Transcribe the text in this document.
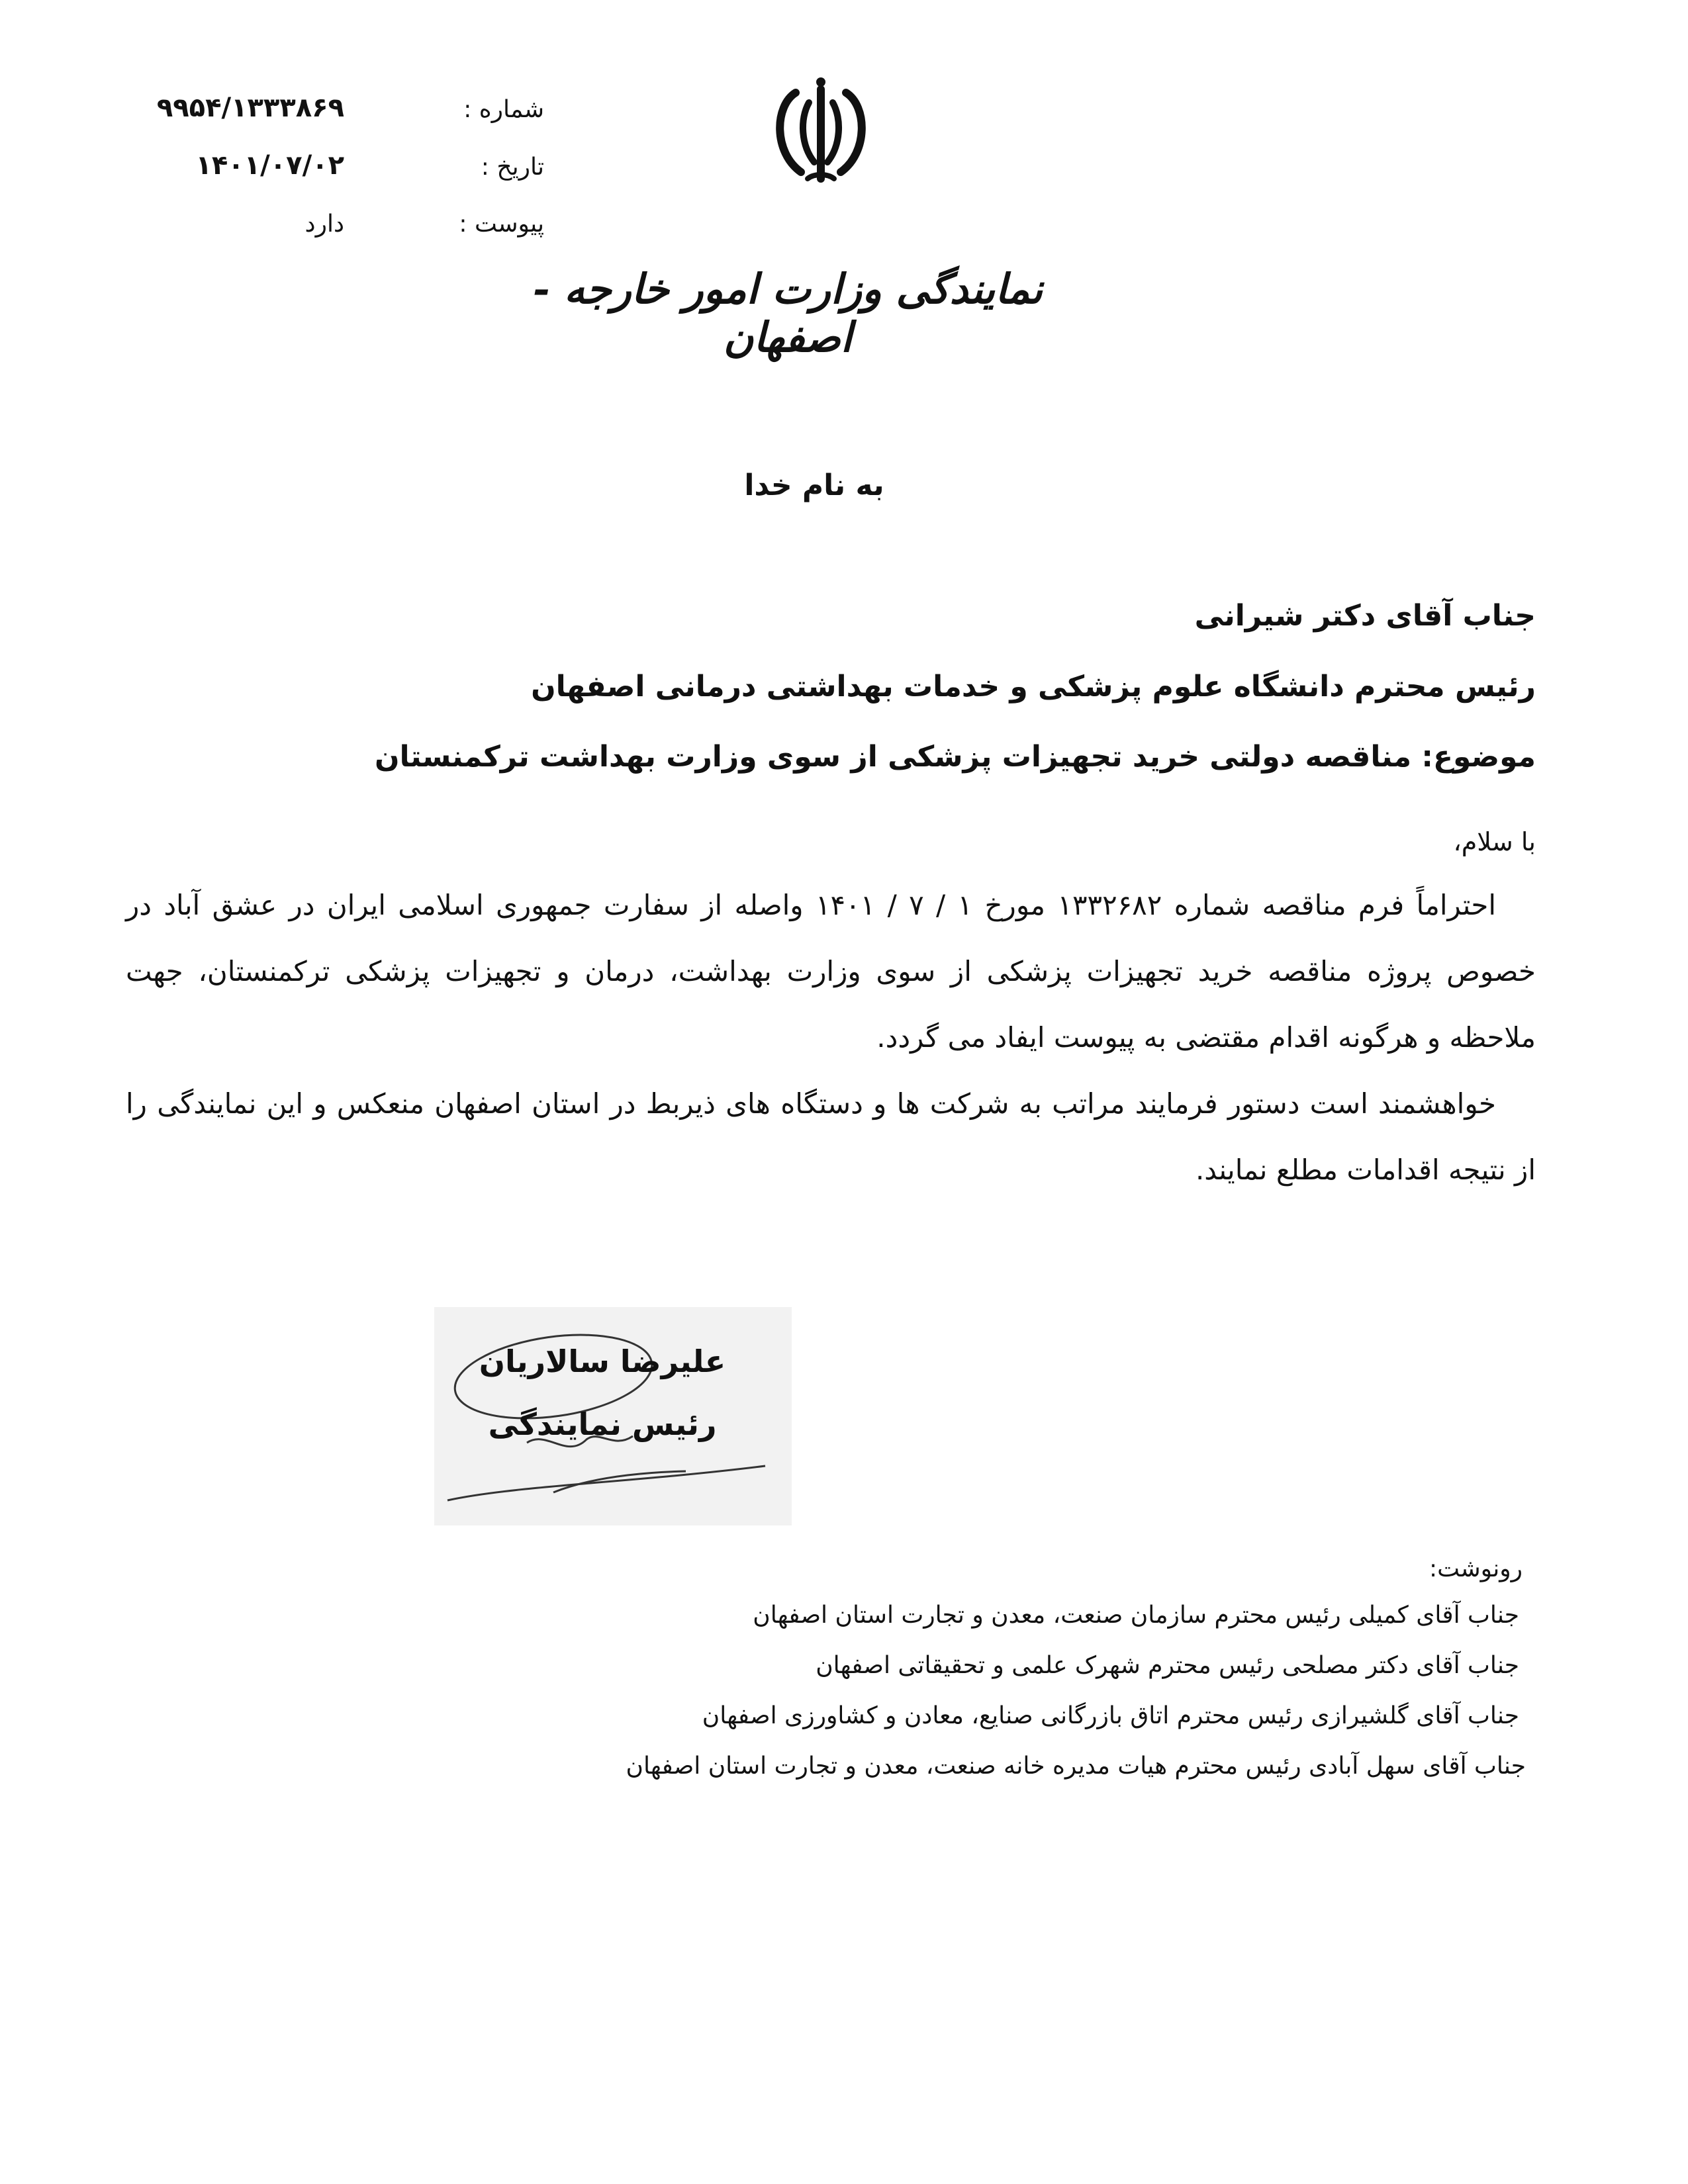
شماره :
۹۹۵۴/۱۳۳۳۸۶۹
تاریخ :
۱۴۰۱/۰۷/۰۲
پیوست :
دارد
نمایندگی وزارت امور خارجه - اصفهان
به نام خدا
جناب آقای دکتر شیرانی
رئیس محترم دانشگاه علوم پزشکی و خدمات بهداشتی درمانی اصفهان
موضوع: مناقصه دولتی خرید تجهیزات پزشکی از سوی وزارت بهداشت ترکمنستان
با سلام،

احتراماً فرم مناقصه شماره ۱۳۳۲۶۸۲ مورخ ۱ / ۷ / ۱۴۰۱ واصله از سفارت جمهوری اسلامی ایران در عشق آباد در خصوص پروژه مناقصه خرید تجهیزات پزشکی از سوی وزارت بهداشت، درمان و تجهیزات پزشکی ترکمنستان، جهت ملاحظه و هرگونه اقدام مقتضی به پیوست ایفاد می گردد.

خواهشمند است دستور فرمایند مراتب به شرکت ها و دستگاه های ذیربط در استان اصفهان منعکس و این نمایندگی را از نتیجه اقدامات مطلع نمایند.

علیرضا سالاریان
رئیس نمایندگی
رونوشت:
جناب آقای کمیلی رئیس محترم سازمان صنعت، معدن و تجارت استان اصفهان
جناب آقای دکتر مصلحی رئیس محترم شهرک علمی و تحقیقاتی اصفهان
جناب آقای گلشیرازی رئیس محترم اتاق بازرگانی صنایع، معادن و کشاورزی اصفهان
جناب آقای سهل آبادی رئیس محترم هیات مدیره خانه صنعت، معدن و تجارت استان اصفهان
